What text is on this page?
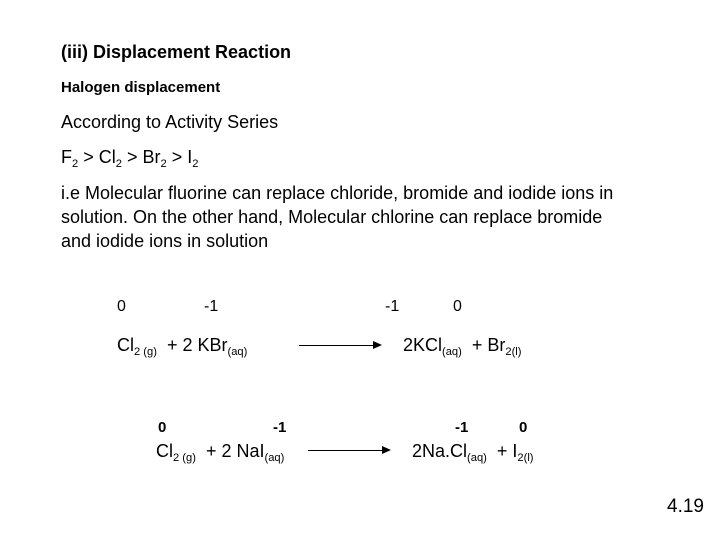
(iii) Displacement Reaction
Halogen displacement
According to Activity Series
$F_2 > Cl_2 > Br_2 > I_2$
i.e Molecular fluorine can replace chloride, bromide and iodide ions in solution. On the other hand, Molecular chlorine can replace bromide and iodide ions in solution
0	-1	-1	0
$Cl_{2 (g)} + 2$ KBr$_{(aq)}$	$2KCl_{(aq)} + Br_{2(l)}$
0	-1	-1	0
$Cl_{2 (g)} + 2$ NaI$_{(aq)}$	$2Na.Cl_{(aq)} + I_{2(l)}$
4.19
